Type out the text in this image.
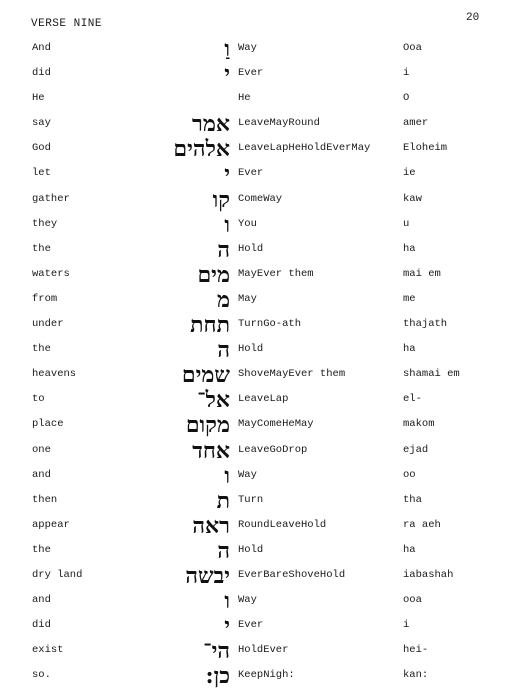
VERSE NINE	20
And	וַ Way	Ooa
did	י Ever	i
He	He	O
say	אמר LeaveMayRound	amer
God	אלהים LeaveLapHeHoldEverMay	Eloheim
let	י Ever	ie
gather	קו ComeWay	kaw
they	ו You	u
the	ה Hold	ha
waters	מים MayEver them	mai em
from	מ May	me
under	תחת TurnGo-ath	thajath
the	ה Hold	ha
heavens	שמים ShoveMayEver them	shamai em
to	אל־ LeaveLap	el-
place	מקום MayComeHeMay	makom
one	אחד LeaveGoDrop	ejad
and	ו Way	oo
then	ת Turn	tha
appear	ראה RoundLeaveHold	ra aeh
the	ה Hold	ha
dry land	יבשה EverBareShoveHold	iabashah
and	ו Way	ooa
did	י Ever	i
exist	הי־ HoldEver	hei-
so.	כן: KeepNigh:	kan:
